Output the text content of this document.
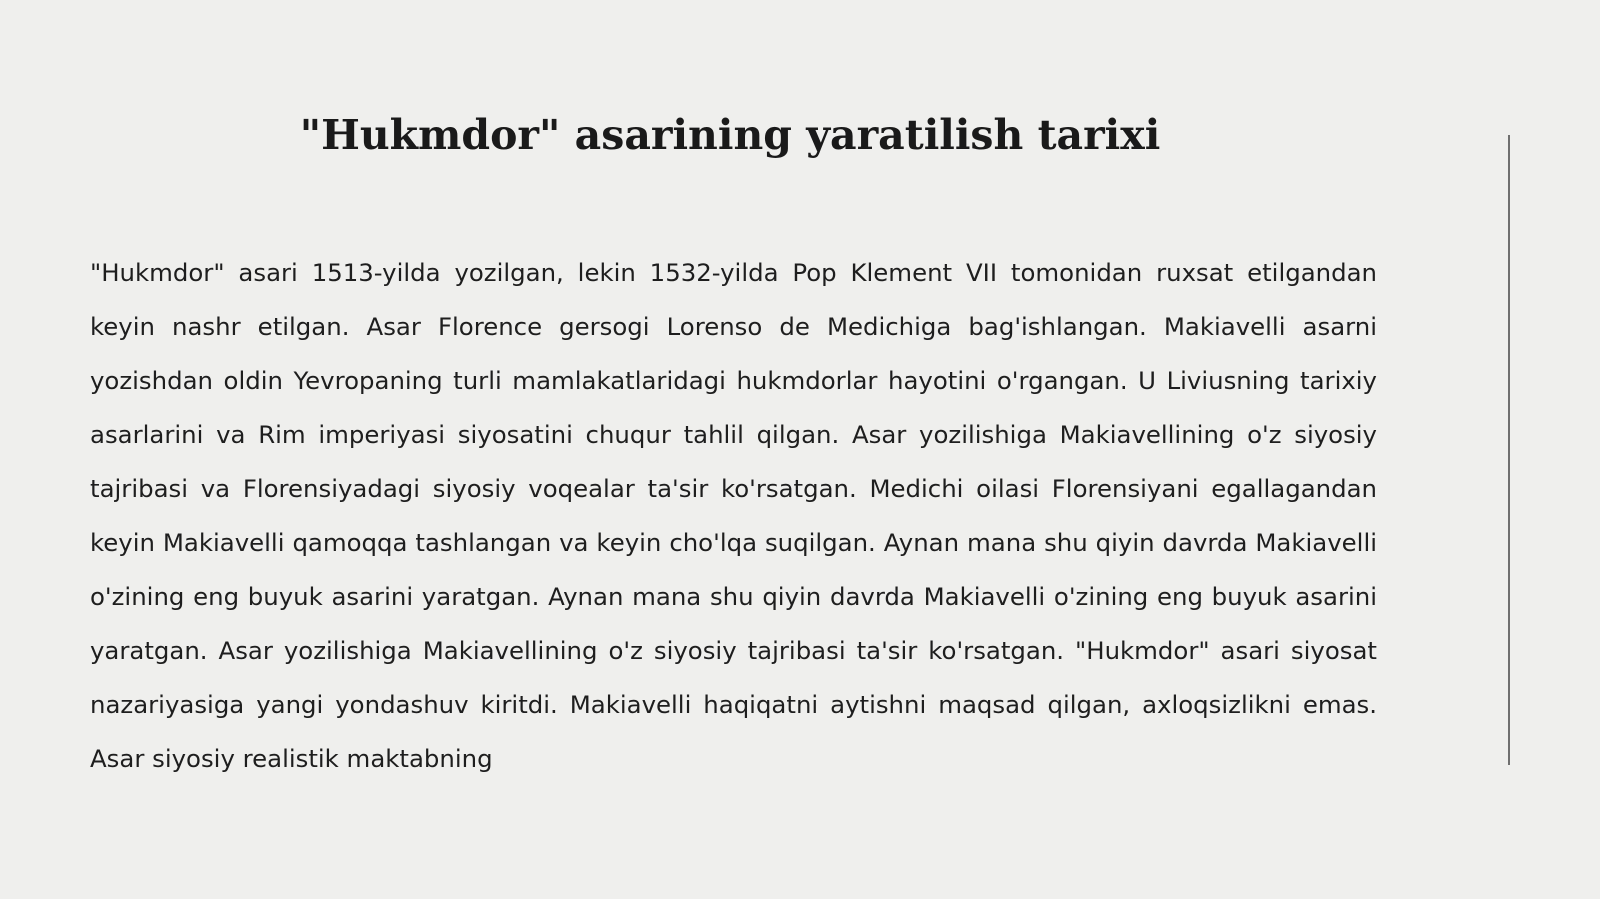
"Hukmdor" asarining yaratilish tarixi

"Hukmdor" asari 1513-yilda yozilgan, lekin 1532-yilda Pop Klement VII tomonidan ruxsat etilgandan keyin nashr etilgan. Asar Florence gersogi Lorenso de Medichiga bag'ishlangan. Makiavelli asarni yozishdan oldin Yevropaning turli mamlakatlaridagi hukmdorlar hayotini o'rgangan. U Liviusning tarixiy asarlarini va Rim imperiyasi siyosatini chuqur tahlil qilgan. Asar yozilishiga Makiavellining o'z siyosiy tajribasi va Florensiyadagi siyosiy voqealar ta'sir ko'rsatgan. Medichi oilasi Florensiyani egallagandan keyin Makiavelli qamoqqa tashlangan va keyin cho'lqa suqilgan. Aynan mana shu qiyin davrda Makiavelli o'zining eng buyuk asarini yaratgan. Aynan mana shu qiyin davrda Makiavelli o'zining eng buyuk asarini yaratgan. Asar yozilishiga Makiavellining o'z siyosiy tajribasi ta'sir ko'rsatgan. "Hukmdor" asari siyosat nazariyasiga yangi yondashuv kiritdi. Makiavelli haqiqatni aytishni maqsad qilgan, axloqsizlikni emas. Asar siyosiy realistik maktabning
